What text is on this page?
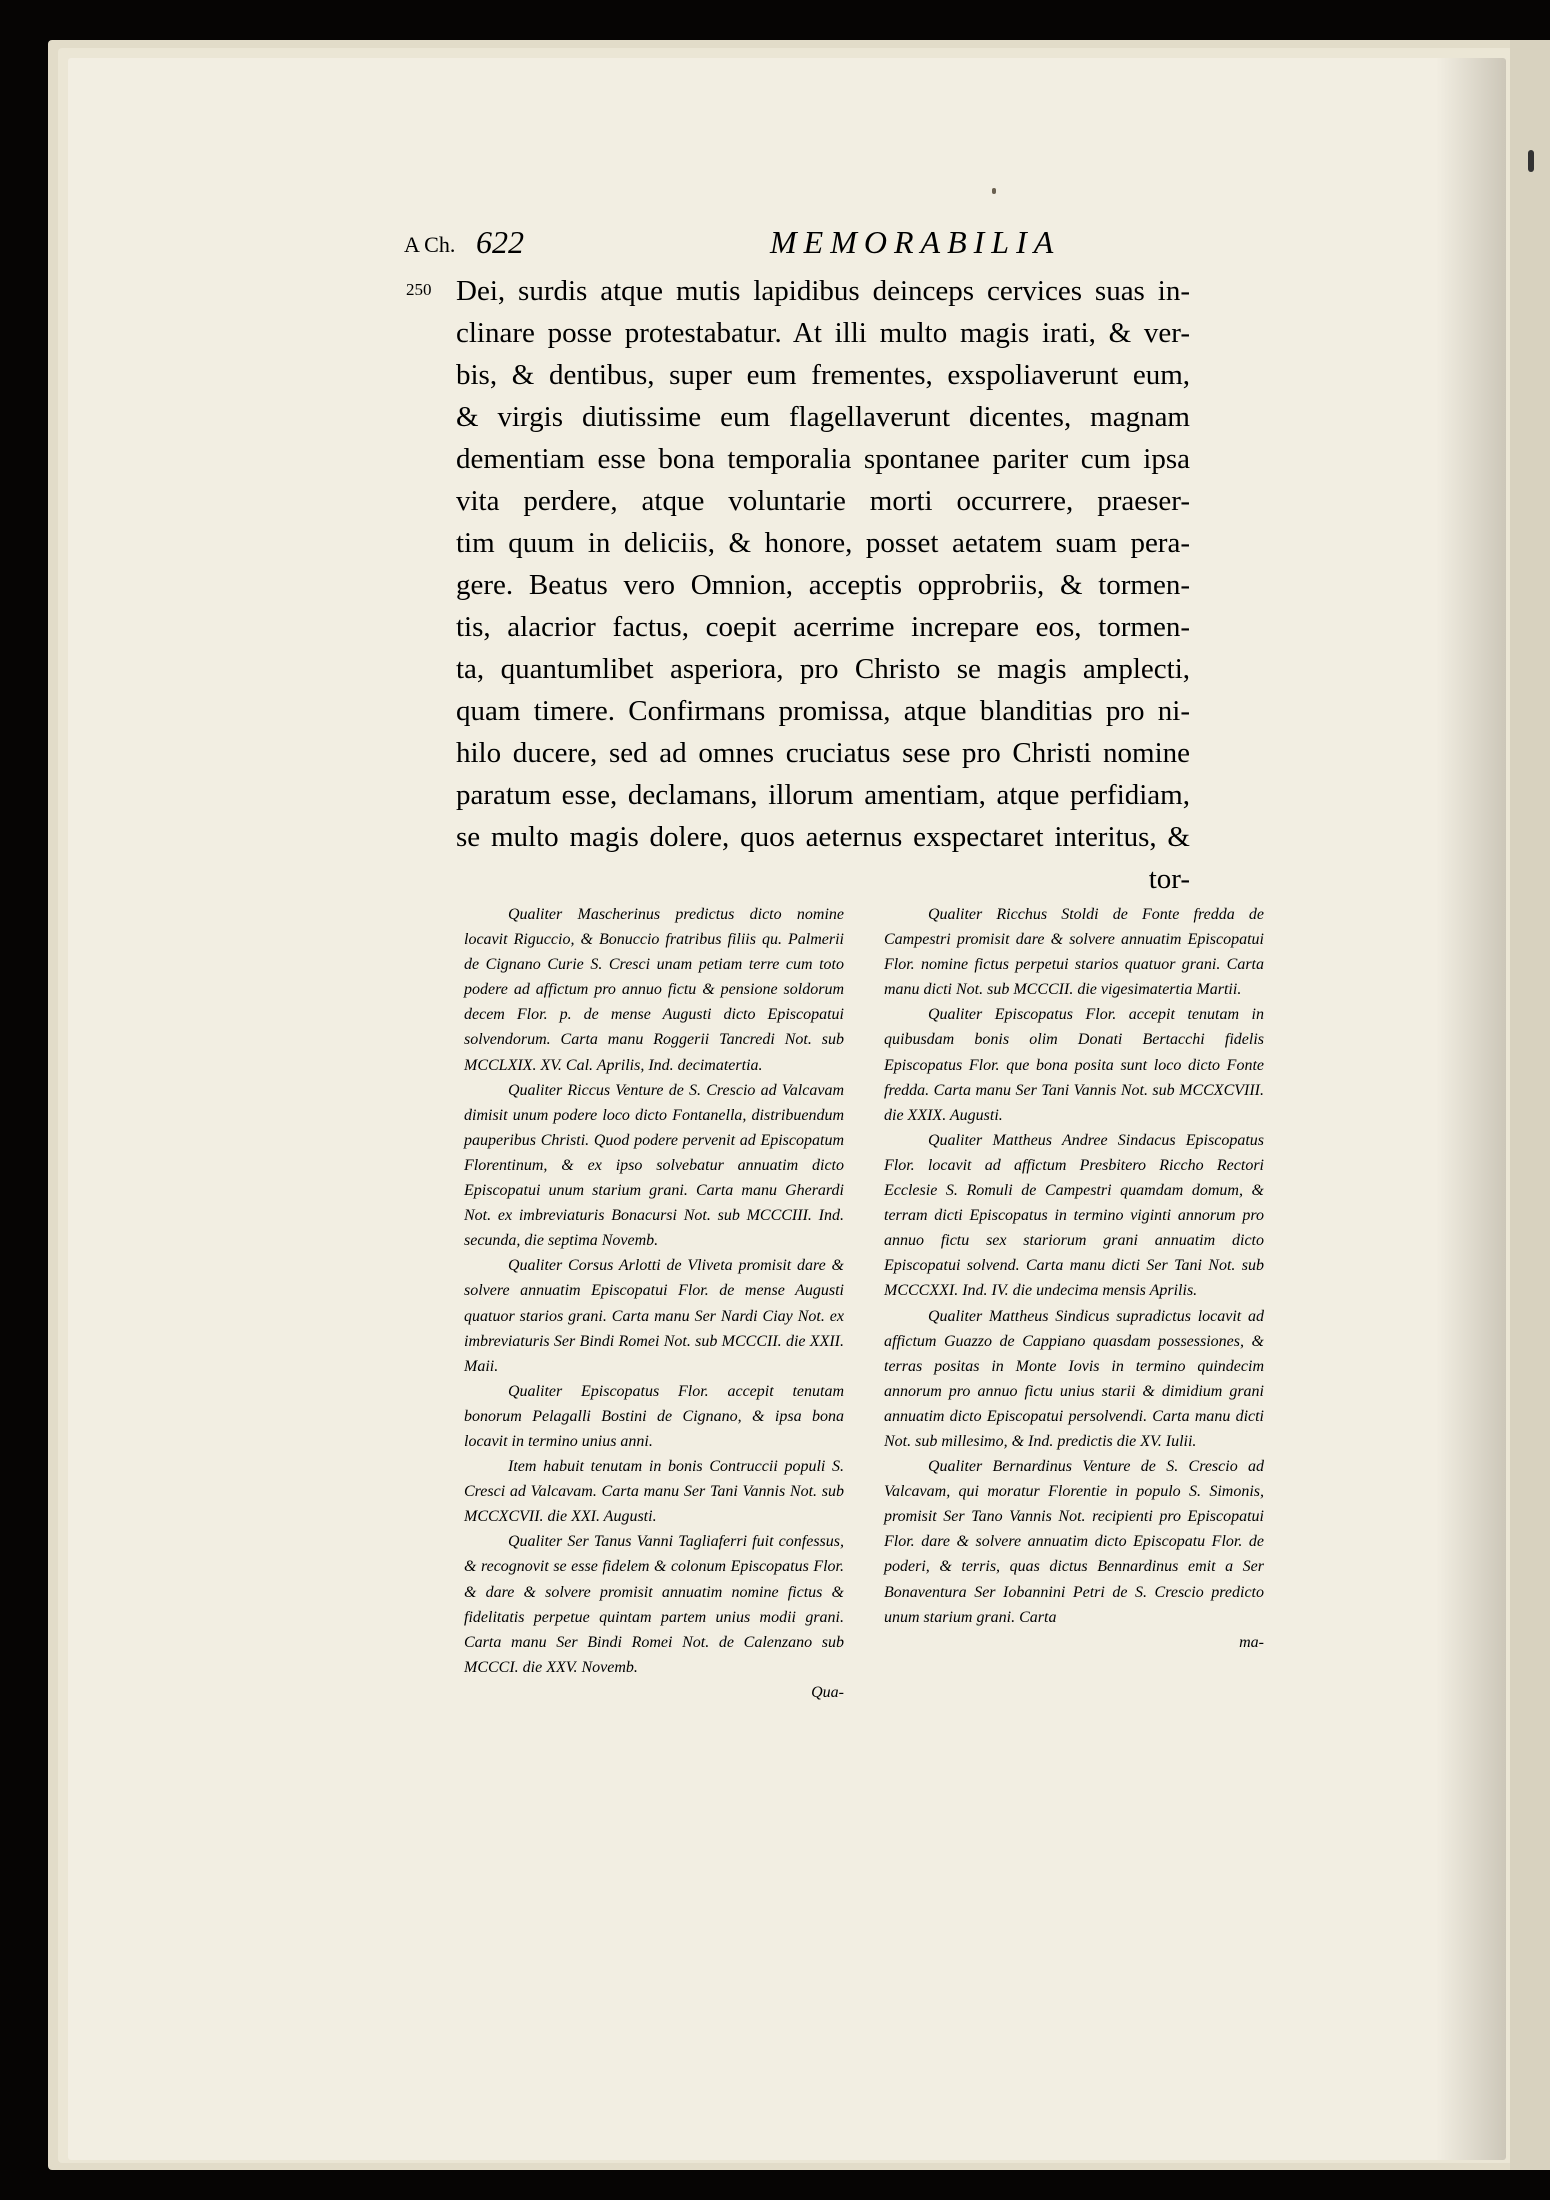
A Ch. 622	MEMORABILIA
250 Dei, surdis atque mutis lapidibus deinceps cervices suas in-
clinare posse protestabatur. At illi multo magis irati, & ver-
bis, & dentibus, super eum frementes, exspoliaverunt eum,
& virgis diutissime eum flagellaverunt dicentes, magnam
dementiam esse bona temporalia spontanee pariter cum ipsa
vita perdere, atque voluntarie morti occurrere, praeser-
tim quum in deliciis, & honore, posset aetatem suam pera-
gere. Beatus vero Omnion, acceptis opprobriis, & tormen-
tis, alacrior factus, coepit acerrime increpare eos, tormen-
ta, quantumlibet asperiora, pro Christo se magis amplecti,
quam timere. Confirmans promissa, atque blanditias pro ni-
hilo ducere, sed ad omnes cruciatus sese pro Christi nomine
paratum esse, declamans, illorum amentiam, atque perfidiam,
se multo magis dolere, quos aeternus exspectaret interitus, &
tor-

Qualiter Mascherinus predictus dicto nomine locavit Riguccio, & Bonuccio fratribus filiis qu. Palmerii de Cignano Curie S. Cresci unam petiam terre cum toto podere ad affictum pro annuo fictu & pensione soldorum decem Flor. p. de mense Augusti dicto Episcopatui solvendorum. Carta manu Roggerii Tancredi Not. sub MCCLXIX. XV. Cal. Aprilis, Ind. decimatertia.

Qualiter Riccus Venture de S. Crescio ad Valcavam dimisit unum podere loco dicto Fontanella, distribuendum pauperibus Christi. Quod podere pervenit ad Episcopatum Florentinum, & ex ipso solvebatur annuatim dicto Episcopatui unum starium grani. Carta manu Gherardi Not. ex imbreviaturis Bonacursi Not. sub MCCCIII. Ind. secunda, die septima Novemb.

Qualiter Corsus Arlotti de Vliveta promisit dare & solvere annuatim Episcopatui Flor. de mense Augusti quatuor starios grani. Carta manu Ser Nardi Ciay Not. ex imbreviaturis Ser Bindi Romei Not. sub MCCCII. die XXII. Maii.

Qualiter Episcopatus Flor. accepit tenutam bonorum Pelagalli Bostini de Cignano, & ipsa bona locavit in termino unius anni.

Item habuit tenutam in bonis Contruccii populi S. Cresci ad Valcavam. Carta manu Ser Tani Vannis Not. sub MCCXCVII. die XXI. Augusti.

Qualiter Ser Tanus Vanni Tagliaferri fuit confessus, & recognovit se esse fidelem & colonum Episcopatus Flor. & dare & solvere promisit annuatim nomine fictus & fidelitatis perpetue quintam partem unius modii grani. Carta manu Ser Bindi Romei Not. de Calenzano sub MCCCI. die XXV. Novemb.

Qua-

Qualiter Ricchus Stoldi de Fonte fredda de Campestri promisit dare & solvere annuatim Episcopatui Flor. nomine fictus perpetui starios quatuor grani. Carta manu dicti Not. sub MCCCII. die vigesimatertia Martii.

Qualiter Episcopatus Flor. accepit tenutam in quibusdam bonis olim Donati Bertacchi fidelis Episcopatus Flor. que bona posita sunt loco dicto Fonte fredda. Carta manu Ser Tani Vannis Not. sub MCCXCVIII. die XXIX. Augusti.

Qualiter Mattheus Andree Sindacus Episcopatus Flor. locavit ad affictum Presbitero Riccho Rectori Ecclesie S. Romuli de Campestri quamdam domum, & terram dicti Episcopatus in termino viginti annorum pro annuo fictu sex stariorum grani annuatim dicto Episcopatui solvend. Carta manu dicti Ser Tani Not. sub MCCCXXI. Ind. IV. die undecima mensis Aprilis.

Qualiter Mattheus Sindicus supradictus locavit ad affictum Guazzo de Cappiano quasdam possessiones, & terras positas in Monte Iovis in termino quindecim annorum pro annuo fictu unius starii & dimidium grani annuatim dicto Episcopatui persolvendi. Carta manu dicti Not. sub millesimo, & Ind. predictis die XV. Iulii.

Qualiter Bernardinus Venture de S. Crescio ad Valcavam, qui moratur Florentie in populo S. Simonis, promisit Ser Tano Vannis Not. recipienti pro Episcopatui Flor. dare & solvere annuatim dicto Episcopatu Flor. de poderi, & terris, quas dictus Bennardinus emit a Ser Bonaventura Ser Iobannini Petri de S. Crescio predicto unum starium grani. Carta

ma-
